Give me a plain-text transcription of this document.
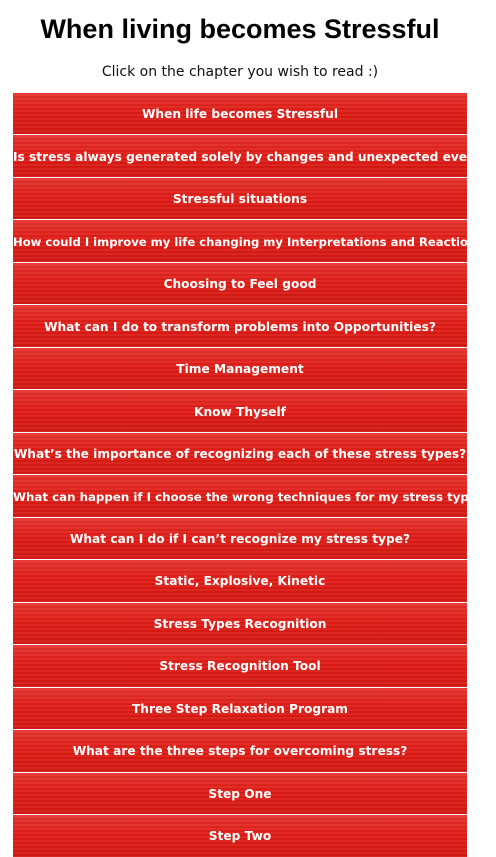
When living becomes Stressful
Click on the chapter you wish to read :)
When life becomes Stressful
Is stress always generated solely by changes and unexpected events?
Stressful situations
How could I improve my life changing my Interpretations and Reactions?
Choosing to Feel good
What can I do to transform problems into Opportunities?
Time Management
Know Thyself
What’s the importance of recognizing each of these stress types?
What can happen if I choose the wrong techniques for my stress type?
What can I do if I can’t recognize my stress type?
Static, Explosive, Kinetic
Stress Types Recognition
Stress Recognition Tool
Three Step Relaxation Program
What are the three steps for overcoming stress?
Step One
Step Two
